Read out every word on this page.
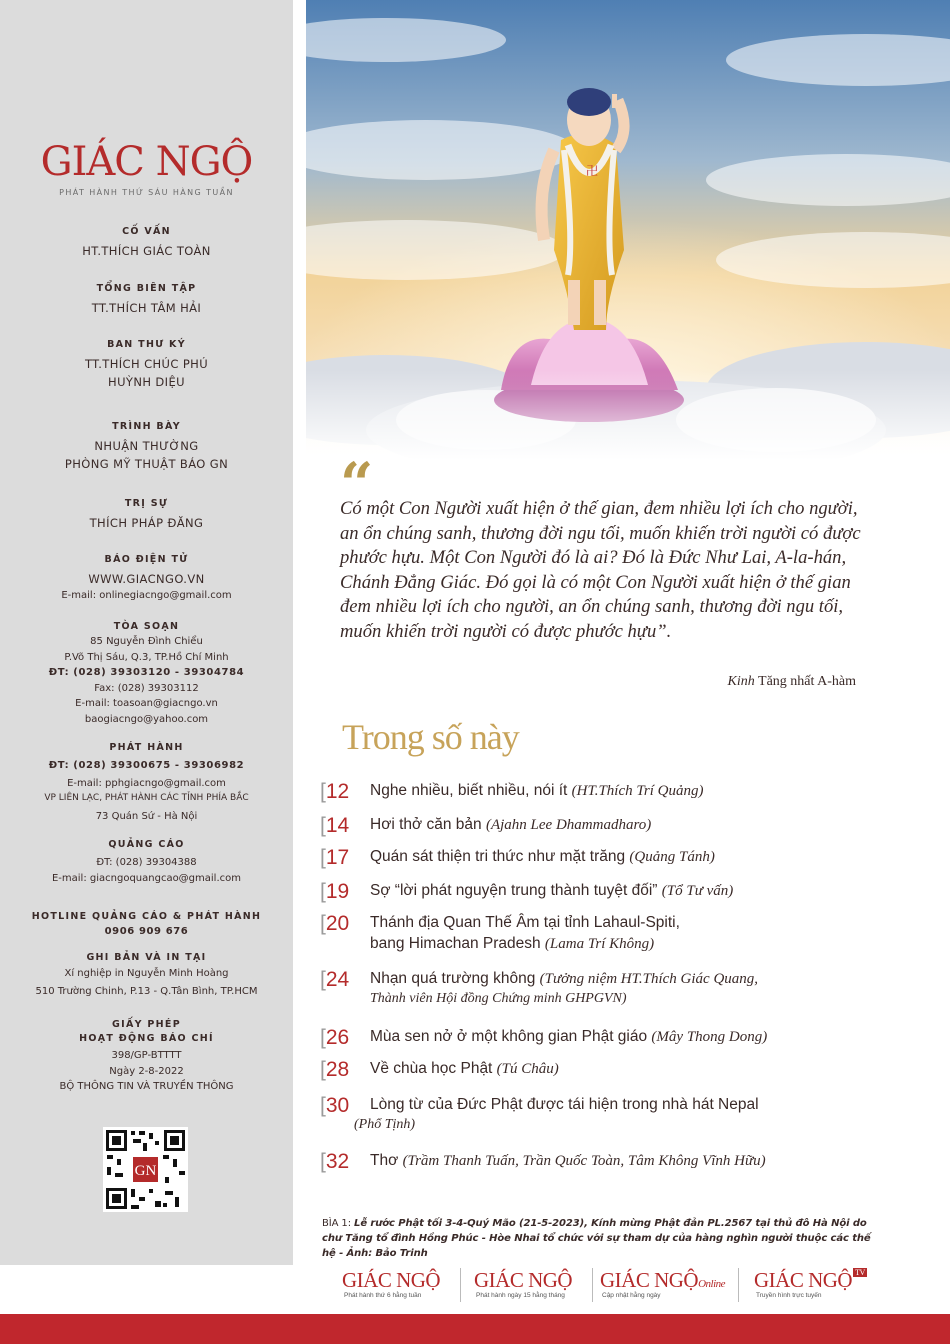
GIÁC NGỘ
PHÁT HÀNH THỨ SÁU HÀNG TUẦN
CỐ VẤN
HT.THÍCH GIÁC TOÀN
TỔNG BIÊN TẬP
TT.THÍCH TÂM HẢI
BAN THƯ KÝ
TT.THÍCH CHÚC PHÚ
HUỲNH DIỆU
TRÌNH BÀY
NHUẬN THƯỜNG
PHÒNG MỸ THUẬT BÁO GN
TRỊ SỰ
THÍCH PHÁP ĐĂNG
BÁO ĐIỆN TỬ
WWW.GIACNGO.VN
E-mail: onlinegiacngo@gmail.com
TÒA SOẠN
85 Nguyễn Đình Chiểu
P.Võ Thị Sáu, Q.3, TP.Hồ Chí Minh
ĐT: (028) 39303120 - 39304784
Fax: (028) 39303112
E-mail: toasoan@giacngo.vn
baogiacngo@yahoo.com
PHÁT HÀNH
ĐT: (028) 39300675 - 39306982
E-mail: pphgiacngo@gmail.com
VP LIÊN LẠC, PHÁT HÀNH CÁC TỈNH PHÍA BẮC
73 Quán Sứ - Hà Nội
QUẢNG CÁO
ĐT: (028) 39304388
E-mail: giacngoquangcao@gmail.com
HOTLINE QUẢNG CÁO & PHÁT HÀNH
0906 909 676
GHI BẢN VÀ IN TẠI
Xí nghiệp in Nguyễn Minh Hoàng
510 Trường Chinh, P.13 - Q.Tân Bình, TP.HCM
GIẤY PHÉP
HOẠT ĐỘNG BÁO CHÍ
398/GP-BTTTT
Ngày 2-8-2022
BỘ THÔNG TIN VÀ TRUYỀN THÔNG
GN
卍
“

Có một Con Người xuất hiện ở thế gian, đem nhiều lợi ích cho người, an ổn chúng sanh, thương đời ngu tối, muốn khiến trời người có được phước hựu. Một Con Người đó là ai? Đó là Đức Như Lai, A-la-hán, Chánh Đẳng Giác. Đó gọi là có một Con Người xuất hiện ở thế gian đem nhiều lợi ích cho người, an ổn chúng sanh, thương đời ngu tối, muốn khiến trời người có được phước hựu”.

Kinh Tăng nhất A-hàm
Trong số này
[12 Nghe nhiều, biết nhiều, nói ít (HT.Thích Trí Quảng)
[14 Hơi thở căn bản (Ajahn Lee Dhammadharo)
[17 Quán sát thiện tri thức như mặt trăng (Quảng Tánh)
[19 Sợ “lời phát nguyện trung thành tuyệt đối” (Tổ Tư vấn)
[20 Thánh địa Quan Thế Âm tại tỉnh Lahaul-Spiti,
bang Himachan Pradesh (Lama Trí Không)
[24 Nhạn quá trường không (Tưởng niệm HT.Thích Giác Quang,
Thành viên Hội đồng Chứng minh GHPGVN)
[26 Mùa sen nở ở một không gian Phật giáo (Mây Thong Dong)
[28 Về chùa học Phật (Tú Châu)
[30 Lòng từ của Đức Phật được tái hiện trong nhà hát Nepal
(Phổ Tịnh)
[32 Thơ (Trầm Thanh Tuấn, Trần Quốc Toàn, Tâm Không Vĩnh Hữu)
BÌA 1: Lễ rước Phật tối 3-4-Quý Mão (21-5-2023), Kính mừng Phật đản PL.2567 tại thủ đô Hà Nội do chư Tăng tổ đình Hồng Phúc - Hòe Nhai tổ chức với sự tham dự của hàng nghìn người thuộc các thế hệ - Ảnh: Bảo Trinh
GIÁC NGỘ
Phát hành thứ 6 hằng tuần
GIÁC NGỘ
Phát hành ngày 15 hằng tháng
GIÁC NGỘOnline
Cập nhật hằng ngày
GIÁC NGỘ $^{TV}$
Truyền hình trực tuyến
